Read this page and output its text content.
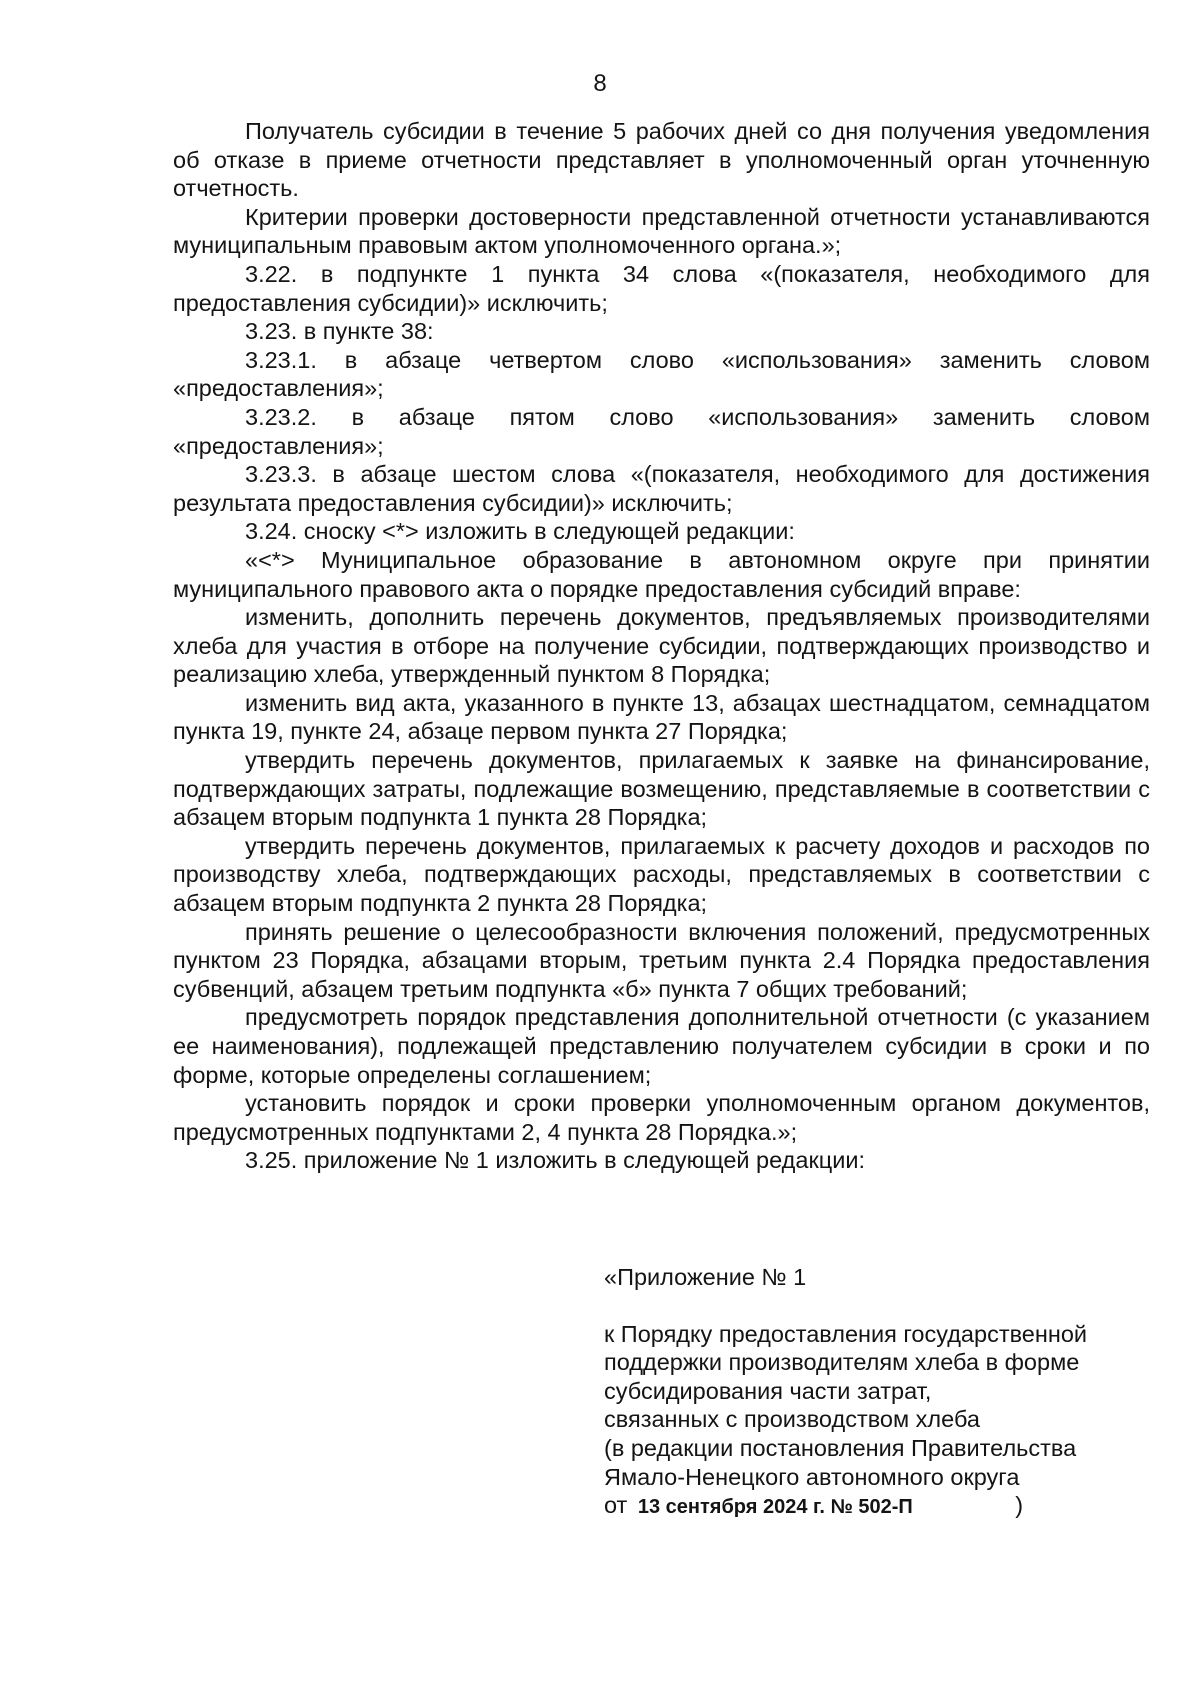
8

Получатель субсидии в течение 5 рабочих дней со дня получения уведомления об отказе в приеме отчетности представляет в уполномоченный орган уточненную отчетность.

Критерии проверки достоверности представленной отчетности устанавливаются муниципальным правовым актом уполномоченного органа.»;

3.22. в подпункте 1 пункта 34 слова «(показателя, необходимого для предоставления субсидии)» исключить;

3.23. в пункте 38:

3.23.1. в абзаце четвертом слово «использования» заменить словом «предоставления»;

3.23.2. в абзаце пятом слово «использования» заменить словом «предоставления»;

3.23.3. в абзаце шестом слова «(показателя, необходимого для достижения результата предоставления субсидии)» исключить;

3.24. сноску <*> изложить в следующей редакции:

«<*> Муниципальное образование в автономном округе при принятии муниципального правового акта о порядке предоставления субсидий вправе:

изменить, дополнить перечень документов, предъявляемых производителями хлеба для участия в отборе на получение субсидии, подтверждающих производство и реализацию хлеба, утвержденный пунктом 8 Порядка;

изменить вид акта, указанного в пункте 13, абзацах шестнадцатом, семнадцатом пункта 19, пункте 24, абзаце первом пункта 27 Порядка;

утвердить перечень документов, прилагаемых к заявке на финансирование, подтверждающих затраты, подлежащие возмещению, представляемые в соответствии с абзацем вторым подпункта 1 пункта 28 Порядка;

утвердить перечень документов, прилагаемых к расчету доходов и расходов по производству хлеба, подтверждающих расходы, представляемых в соответствии с абзацем вторым подпункта 2 пункта 28 Порядка;

принять решение о целесообразности включения положений, предусмотренных пунктом 23 Порядка, абзацами вторым, третьим пункта 2.4 Порядка предоставления субвенций, абзацем третьим подпункта «б» пункта 7 общих требований;

предусмотреть порядок представления дополнительной отчетности (с указанием ее наименования), подлежащей представлению получателем субсидии в сроки и по форме, которые определены соглашением;

установить порядок и сроки проверки уполномоченным органом документов, предусмотренных подпунктами 2, 4 пункта 28 Порядка.»;

3.25. приложение № 1 изложить в следующей редакции:

«Приложение № 1
к Порядку предоставления государственной
поддержки производителям хлеба в форме
субсидирования части затрат,
связанных с производством хлеба
(в редакции постановления Правительства
Ямало-Ненецкого автономного округа
от 13 сентября 2024 г. № 502-П	)
